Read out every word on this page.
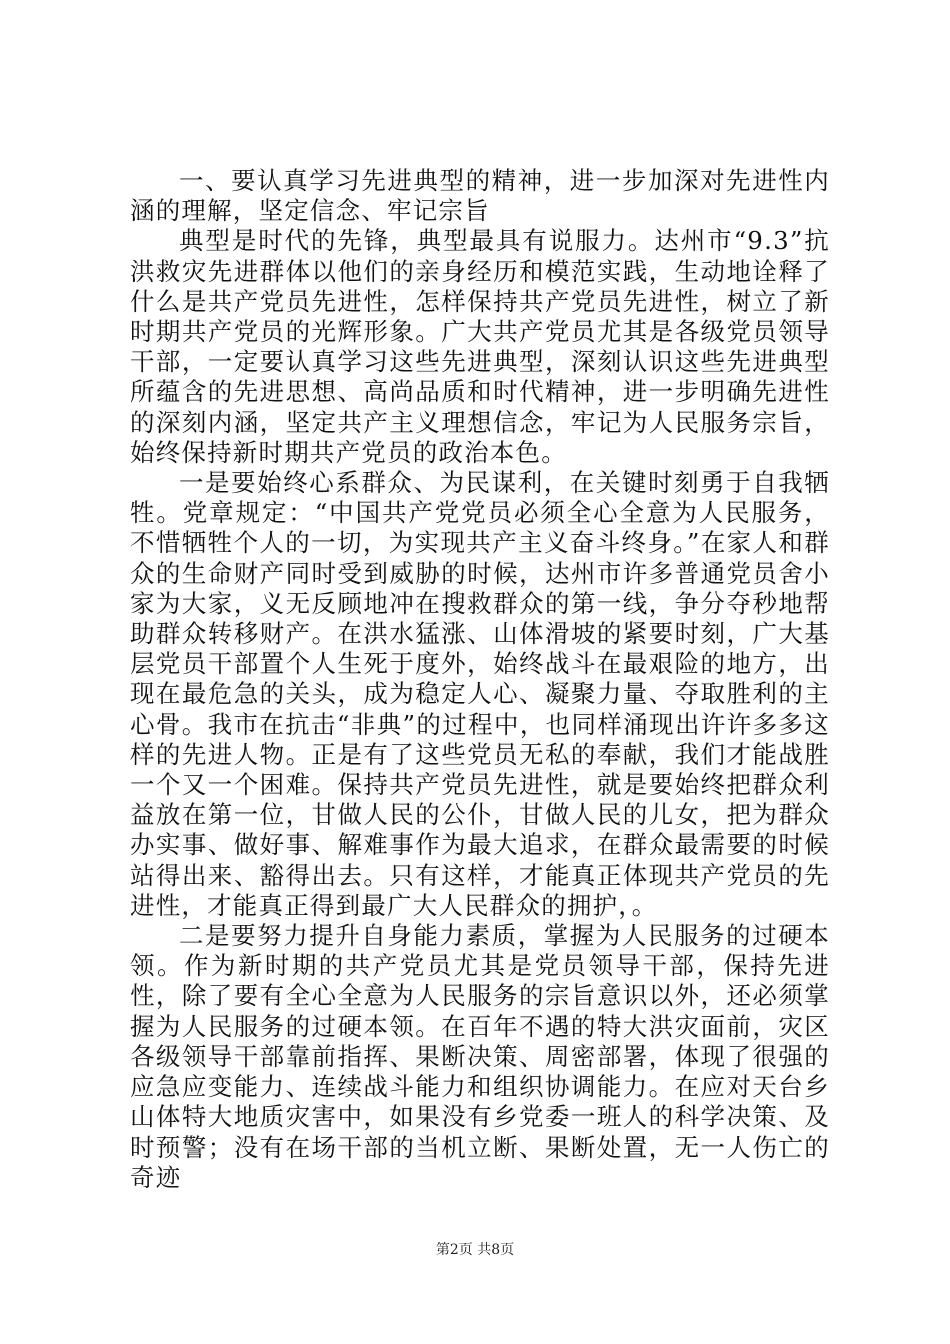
一、要认真学习先进典型的精神，进一步加深对先进性内涵的理解，坚定信念、牢记宗旨

典型是时代的先锋，典型最具有说服力。达州市“9.3”抗洪救灾先进群体以他们的亲身经历和模范实践，生动地诠释了什么是共产党员先进性，怎样保持共产党员先进性，树立了新时期共产党员的光辉形象。广大共产党员尤其是各级党员领导干部，一定要认真学习这些先进典型，深刻认识这些先进典型所蕴含的先进思想、高尚品质和时代精神，进一步明确先进性的深刻内涵，坚定共产主义理想信念，牢记为人民服务宗旨，始终保持新时期共产党员的政治本色。

一是要始终心系群众、为民谋利，在关键时刻勇于自我牺牲。党章规定：“中国共产党党员必须全心全意为人民服务，不惜牺牲个人的一切，为实现共产主义奋斗终身。”在家人和群众的生命财产同时受到威胁的时候，达州市许多普通党员舍小家为大家，义无反顾地冲在搜救群众的第一线，争分夺秒地帮助群众转移财产。在洪水猛涨、山体滑坡的紧要时刻，广大基层党员干部置个人生死于度外，始终战斗在最艰险的地方，出现在最危急的关头，成为稳定人心、凝聚力量、夺取胜利的主心骨。我市在抗击“非典”的过程中，也同样涌现出许许多多这样的先进人物。正是有了这些党员无私的奉献，我们才能战胜一个又一个困难。保持共产党员先进性，就是要始终把群众利益放在第一位，甘做人民的公仆，甘做人民的儿女，把为群众办实事、做好事、解难事作为最大追求，在群众最需要的时候站得出来、豁得出去。只有这样，才能真正体现共产党员的先进性，才能真正得到最广大人民群众的拥护，。

二是要努力提升自身能力素质，掌握为人民服务的过硬本领。作为新时期的共产党员尤其是党员领导干部，保持先进性，除了要有全心全意为人民服务的宗旨意识以外，还必须掌握为人民服务的过硬本领。在百年不遇的特大洪灾面前，灾区各级领导干部靠前指挥、果断决策、周密部署，体现了很强的应急应变能力、连续战斗能力和组织协调能力。在应对天台乡山体特大地质灾害中，如果没有乡党委一班人的科学决策、及时预警；没有在场干部的当机立断、果断处置，无一人伤亡的奇迹

第2页 共8页
